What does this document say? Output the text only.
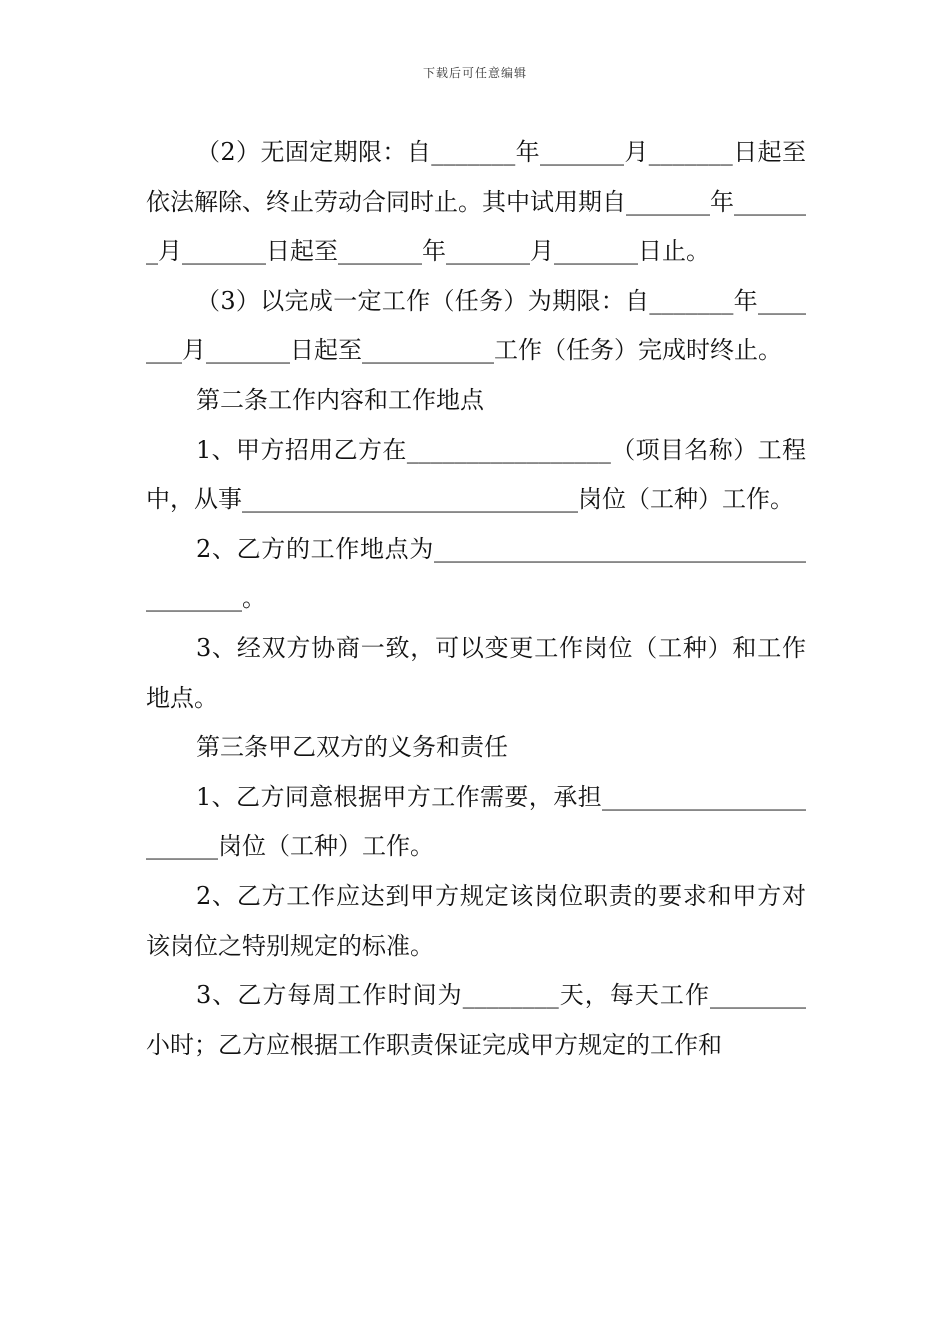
下载后可任意编辑

（2）无固定期限：自_______年_______月_______日起至依法解除、终止劳动合同时止。其中试用期自_______年_______月_______日起至_______年_______月_______日止。

（3）以完成一定工作（任务）为期限：自_______年_______月_______日起至___________工作（任务）完成时终止。

第二条工作内容和工作地点

1、甲方招用乙方在_________________（项目名称）工程中，从事____________________________岗位（工种）工作。

2、乙方的工作地点为_______________________________________。

3、经双方协商一致，可以变更工作岗位（工种）和工作地点。

第三条甲乙双方的义务和责任

1、乙方同意根据甲方工作需要，承担_______________________岗位（工种）工作。

2、乙方工作应达到甲方规定该岗位职责的要求和甲方对该岗位之特别规定的标准。

3、乙方每周工作时间为________天，每天工作________小时；乙方应根据工作职责保证完成甲方规定的工作和
